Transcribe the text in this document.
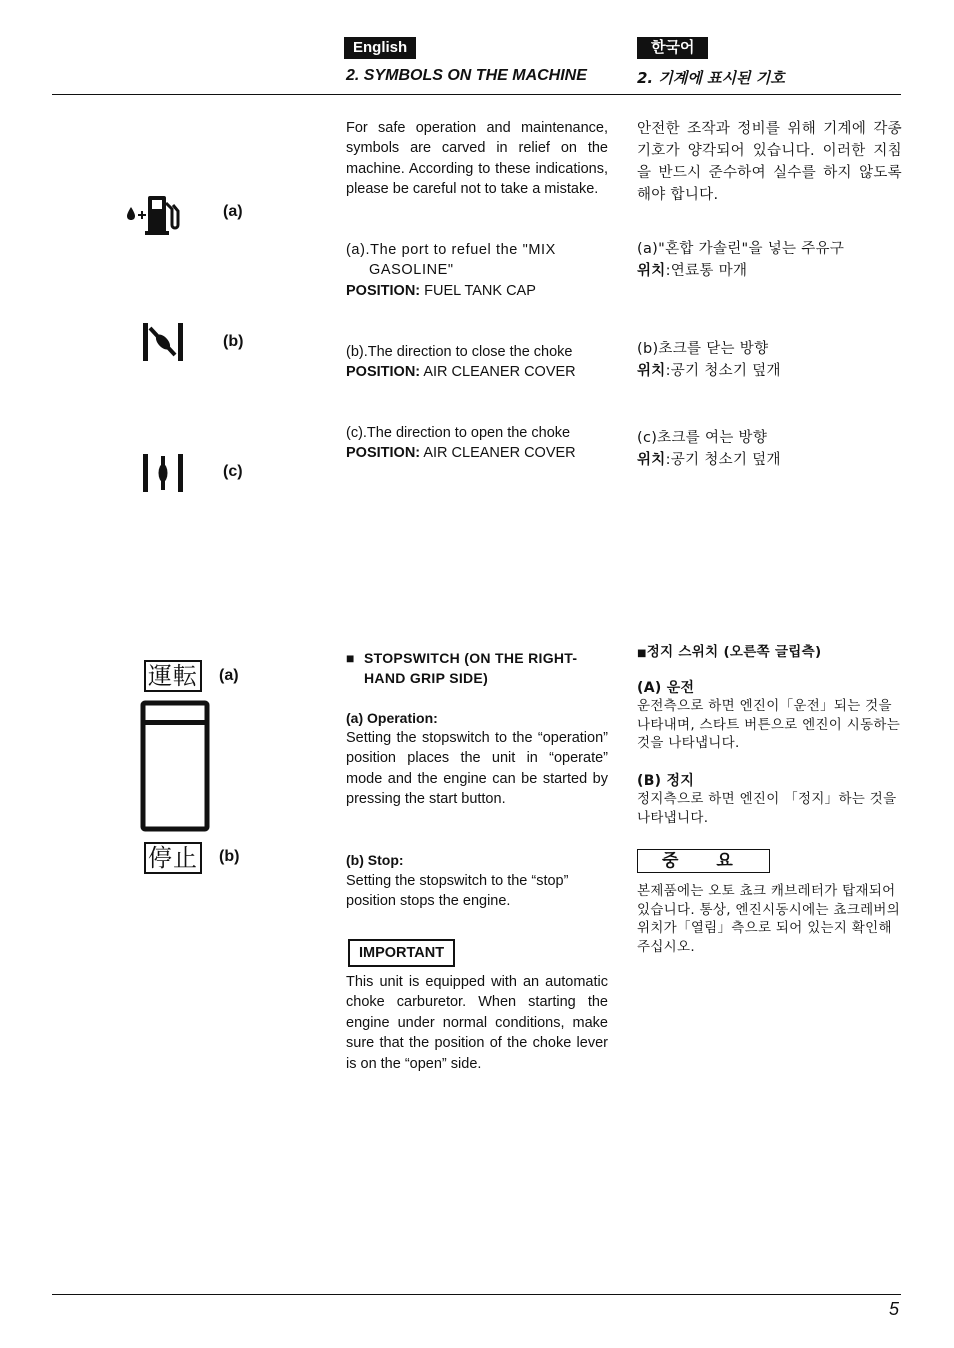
English	한국어
2. SYMBOLS ON THE MACHINE	2. 기계에 표시된 기호
(a)
(b)
(c)
For safe operation and maintenance, symbols are carved in relief on the machine. According to these indications, please be careful not to take a mistake.
(a).The port to refuel the "MIX
GASOLINE"
POSITION: FUEL TANK CAP
(b).The direction to close the choke
POSITION: AIR CLEANER COVER
(c).The direction to open the choke
POSITION: AIR CLEANER COVER
안전한 조작과 정비를 위해 기계에 각종 기호가 양각되어 있습니다. 이러한 지침을 반드시 준수하여 실수를 하지 않도록 해야 합니다.
(a)"혼합 가솔린"을 넣는 주유구
위치:연료통 마개
(b)초크를 닫는 방향
위치:공기 청소기 덮개
(c)초크를 여는 방향
위치:공기 청소기 덮개
運転 (a)
停止 (b)
■ STOPSWITCH (ON THE RIGHT-HAND GRIP SIDE)
(a) Operation:
Setting the stopswitch to the “operation” position places the unit in “operate” mode and the engine can be started by pressing the start button.
(b) Stop:
Setting the stopswitch to the “stop” position stops the engine.
IMPORTANT
This unit is equipped with an automatic choke carburetor. When starting the engine under normal conditions, make sure that the position of the choke lever is on the “open” side.
■정지 스위치 (오른쪽 글립측)
(A) 운전
운전측으로 하면 엔진이「운전」되는 것을 나타내며, 스타트 버튼으로 엔진이 시동하는 것을 나타냅니다.
(B) 정지
정지측으로 하면 엔진이 「정지」하는 것을 나타냅니다.
중 요
본제품에는 오토 쵸크 캐브레터가 탑재되어 있습니다. 통상, 엔진시동시에는 쵸크레버의 위치가「열림」측으로 되어 있는지 확인해 주십시오.
5
